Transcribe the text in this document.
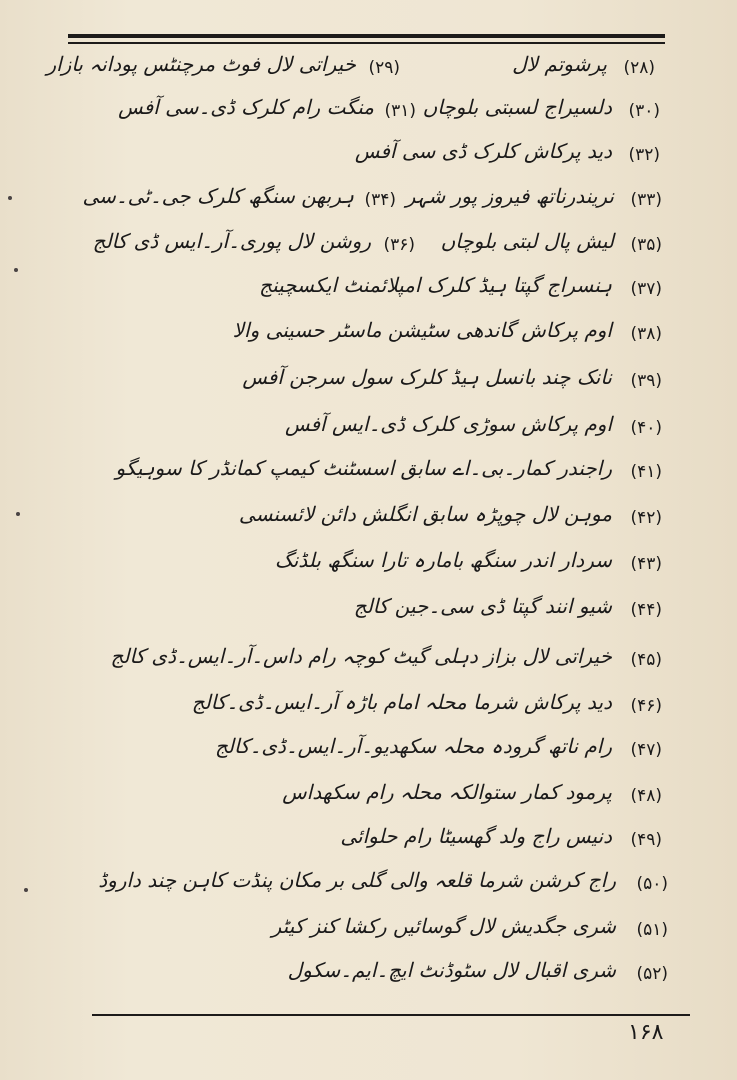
(۲۸)
پرشوتم لال
(۲۹)
خیراتی لال فوٹ مرچنٹس پودانہ بازار
(۳۰)
دلسیراج لسبتی بلوچاں
(۳۱)
منگت رام کلرک ڈی۔سی آفس
(۳۲)
دید پرکاش کلرک ڈی سی آفس
(۳۳)
نریندرناتھ فیروز پور شہر
(۳۴)
ہربھن سنگھ کلرک جی۔ٹی۔سی
(۳۵)
لیش پال لبتی بلوچاں
(۳۶)
روشن لال پوری۔آر۔ایس ڈی کالج
(۳۷)
ہنسراج گپتا ہیڈ کلرک امپلائمنٹ ایکسچینج
(۳۸)
اوم پرکاش گاندھی سٹیشن ماسٹر حسینی والا
(۳۹)
نانک چند بانسل ہیڈ کلرک سول سرجن آفس
(۴۰)
اوم پرکاش سوڑی کلرک ڈی۔ایس آفس
(۴۱)
راجندر کمار۔بی۔اے سابق اسسٹنٹ کیمپ کمانڈر کا سوہیگو
(۴۲)
موہن لال چوپڑہ سابق انگلش دائن لائسنسی
(۴۳)
سردار اندر سنگھ بامارہ تارا سنگھ بلڈنگ
(۴۴)
شیو انند گپتا ڈی سی۔جین کالج
(۴۵)
خیراتی لال بزاز دہلی گیٹ کوچہ رام داس۔آر۔ایس۔ڈی کالج
(۴۶)
دید پرکاش شرما محلہ امام باڑہ آر۔ایس۔ڈی۔کالج
(۴۷)
رام ناتھ گرودہ محلہ سکھدیو۔آر۔ایس۔ڈی۔کالج
(۴۸)
پرمود کمار ستوالکہ محلہ رام سکھداس
(۴۹)
دنیس راج ولد گھسیٹا رام حلوائی
(۵۰)
راج کرشن شرما قلعہ والی گلی بر مکان پنڈت کاہن چند داروڈ
(۵۱)
شری جگدیش لال گوسائیں رکشا کنز کیٹر
(۵۲)
شری اقبال لال سٹوڈنٹ ایچ۔ایم۔سکول
۱۶۸
